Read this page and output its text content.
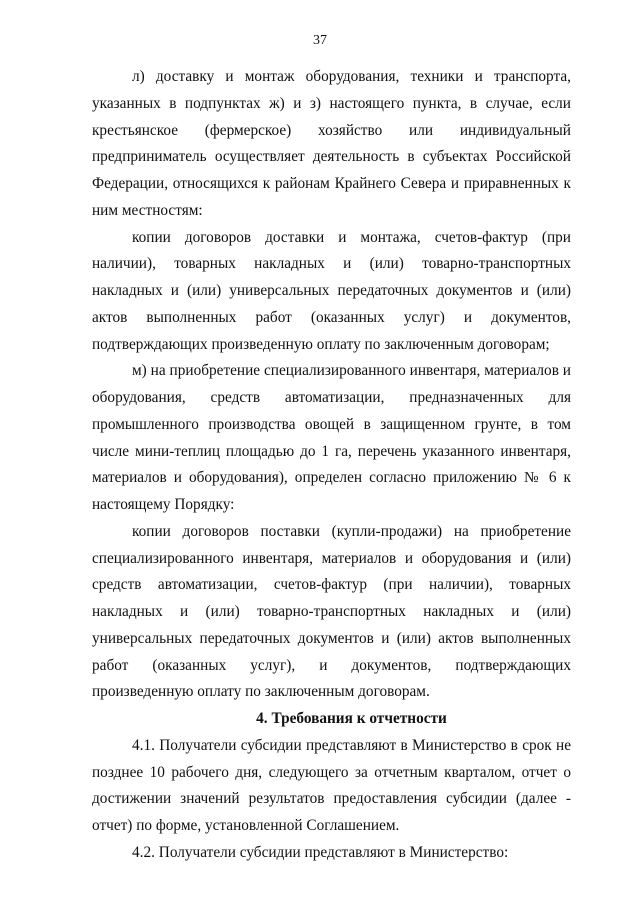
37

л) доставку и монтаж оборудования, техники и транспорта, указанных в подпунктах ж) и з) настоящего пункта, в случае, если крестьянское (фермерское) хозяйство или индивидуальный предприниматель осуществляет деятельность в субъектах Российской Федерации, относящихся к районам Крайнего Севера и приравненных к ним местностям:

копии договоров доставки и монтажа, счетов-фактур (при наличии), товарных накладных и (или) товарно-транспортных накладных и (или) универсальных передаточных документов и (или) актов выполненных работ (оказанных услуг) и документов, подтверждающих произведенную оплату по заключенным договорам;

м) на приобретение специализированного инвентаря, материалов и оборудования, средств автоматизации, предназначенных для промышленного производства овощей в защищенном грунте, в том числе мини-теплиц площадью до 1 га, перечень указанного инвентаря, материалов и оборудования), определен согласно приложению № 6 к настоящему Порядку:

копии договоров поставки (купли-продажи) на приобретение специализированного инвентаря, материалов и оборудования и (или) средств автоматизации, счетов-фактур (при наличии), товарных накладных и (или) товарно-транспортных накладных и (или) универсальных передаточных документов и (или) актов выполненных работ (оказанных услуг), и документов, подтверждающих произведенную оплату по заключенным договорам.

4. Требования к отчетности

4.1. Получатели субсидии представляют в Министерство в срок не позднее 10 рабочего дня, следующего за отчетным кварталом, отчет о достижении значений результатов предоставления субсидии (далее - отчет) по форме, установленной Соглашением.

4.2. Получатели субсидии представляют в Министерство:
